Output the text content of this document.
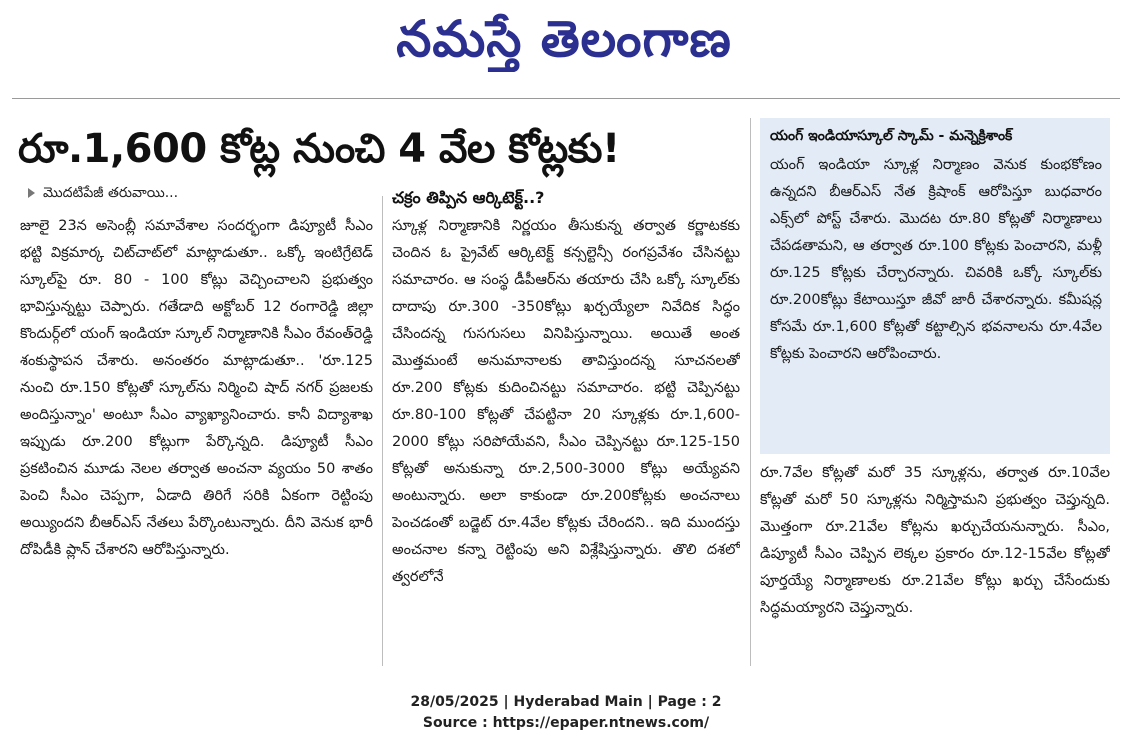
నమస్తే తెలంగాణ
రూ.1,600 కోట్ల నుంచి 4 వేల కోట్లకు!
మొదటిపేజీ తరువాయి...	చక్రం తిప్పిన ఆర్కిటెక్ట్..?

జూలై 23న అసెంబ్లీ సమావేశాల సందర్భంగా డిప్యూటీ సీఎం భట్టి విక్రమార్క చిట్‌చాట్‌లో మాట్లాడుతూ.. ఒక్కో ఇంటిగ్రేటెడ్ స్కూల్‌పై రూ. 80 - 100 కోట్లు వెచ్చించాలని ప్రభుత్వం భావిస్తున్నట్టు చెప్పారు. గతేడాది అక్టోబర్ 12 రంగారెడ్డి జిల్లా కొందుర్గ్‌లో యంగ్ ఇండియా స్కూల్ నిర్మాణానికి సీఎం రేవంత్‌రెడ్డి శంకుస్థాపన చేశారు. అనంతరం మాట్లాడుతూ.. 'రూ.125 నుంచి రూ.150 కోట్లతో స్కూల్‌ను నిర్మించి షాద్ నగర్ ప్రజలకు అందిస్తున్నాం' అంటూ సీఎం వ్యాఖ్యానించారు. కానీ విద్యాశాఖ ఇప్పుడు రూ.200 కోట్లుగా పేర్కొన్నది. డిప్యూటీ సీఎం ప్రకటించిన మూడు నెలల తర్వాత అంచనా వ్యయం 50 శాతం పెంచి సీఎం చెప్పగా, ఏడాది తిరిగే సరికి ఏకంగా రెట్టింపు అయ్యిందని బీఆర్‌ఎస్ నేతలు పేర్కొంటున్నారు. దీని వెనుక భారీ దోపిడీకి ప్లాన్ చేశారని ఆరోపిస్తున్నారు.

స్కూళ్ల నిర్మాణానికి నిర్ణయం తీసుకున్న తర్వాత కర్ణాటకకు చెందిన ఓ ప్రైవేట్ ఆర్కిటెక్ట్ కన్సల్టెన్సీ రంగప్రవేశం చేసినట్టు సమాచారం. ఆ సంస్థ డీపీఆర్‌ను తయారు చేసి ఒక్కో స్కూల్‌కు దాదాపు రూ.300 -350కోట్లు ఖర్చయ్యేలా నివేదిక సిద్ధం చేసిందన్న గుసగుసలు వినిపిస్తున్నాయి. అయితే అంత మొత్తమంటే అనుమానాలకు తావిస్తుందన్న సూచనలతో రూ.200 కోట్లకు కుదించినట్టు సమాచారం. భట్టి చెప్పినట్టు రూ.80-100 కోట్లతో చేపట్టినా 20 స్కూళ్లకు రూ.1,600-2000 కోట్లు సరిపోయేవని, సీఎం చెప్పినట్టు రూ.125-150 కోట్లతో అనుకున్నా రూ.2,500-3000 కోట్లు అయ్యేవని అంటున్నారు. అలా కాకుండా రూ.200కోట్లకు అంచనాలు పెంచడంతో బడ్జెట్ రూ.4వేల కోట్లకు చేరిందని.. ఇది ముందస్తు అంచనాల కన్నా రెట్టింపు అని విశ్లేషిస్తున్నారు. తొలి దశలో త్వరలోనే

యంగ్ ఇండియాస్కూల్ స్కామ్ - మన్నెక్రిశాంక్

యంగ్ ఇండియా స్కూళ్ల నిర్మాణం వెనుక కుంభకోణం ఉన్నదని బీఆర్‌ఎస్ నేత క్రిషాంక్ ఆరోపిస్తూ బుధవారం ఎక్స్‌లో పోస్ట్ చేశారు. మొదట రూ.80 కోట్లతో నిర్మాణాలు చేపడతామని, ఆ తర్వాత రూ.100 కోట్లకు పెంచారని, మళ్లీ రూ.125 కోట్లకు చేర్చారన్నారు. చివరికి ఒక్కో స్కూల్‌కు రూ.200కోట్లు కేటాయిస్తూ జీవో జారీ చేశారన్నారు. కమీషన్ల కోసమే రూ.1,600 కోట్లతో కట్టాల్సిన భవనాలను రూ.4వేల కోట్లకు పెంచారని ఆరోపించారు.

రూ.7వేల కోట్లతో మరో 35 స్కూళ్లను, తర్వాత రూ.10వేల కోట్లతో మరో 50 స్కూళ్లను నిర్మిస్తామని ప్రభుత్వం చెప్తున్నది. మొత్తంగా రూ.21వేల కోట్లను ఖర్చుచేయనున్నారు. సీఎం, డిప్యూటీ సీఎం చెప్పిన లెక్కల ప్రకారం రూ.12-15వేల కోట్లతో పూర్తయ్యే నిర్మాణాలకు రూ.21వేల కోట్లు ఖర్చు చేసేందుకు సిద్ధమయ్యారని చెప్తున్నారు.

28/05/2025 | Hyderabad Main | Page : 2
Source : https://epaper.ntnews.com/
